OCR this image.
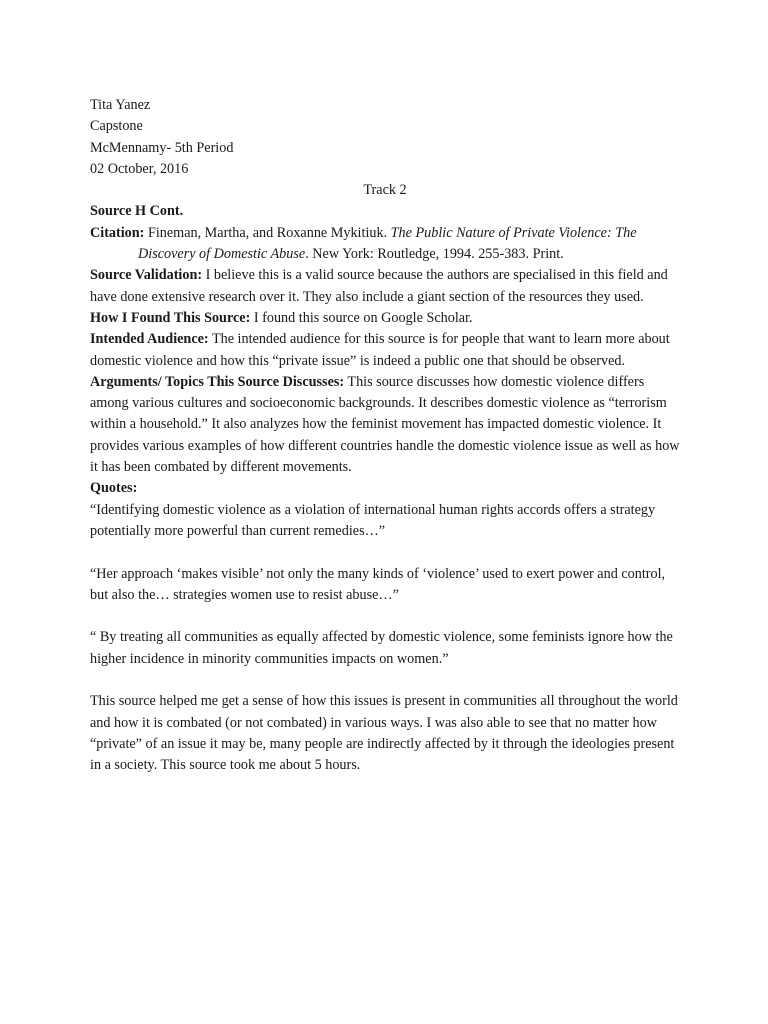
Tita Yanez
Capstone
McMennamy- 5th Period
02 October, 2016
Track 2
Source H Cont.
Citation: Fineman, Martha, and Roxanne Mykitiuk. The Public Nature of Private Violence: The Discovery of Domestic Abuse. New York: Routledge, 1994. 255-383. Print.
Source Validation: I believe this is a valid source because the authors are specialised in this field and have done extensive research over it. They also include a giant section of the resources they used.
How I Found This Source: I found this source on Google Scholar.
Intended Audience: The intended audience for this source is for people that want to learn more about domestic violence and how this “private issue” is indeed a public one that should be observed.
Arguments/ Topics This Source Discusses: This source discusses how domestic violence differs among various cultures and socioeconomic backgrounds. It describes domestic violence as “terrorism within a household.” It also analyzes how the feminist movement has impacted domestic violence. It provides various examples of how different countries handle the domestic violence issue as well as how it has been combated by different movements.
Quotes:
“Identifying domestic violence as a violation of international human rights accords offers a strategy potentially more powerful than current remedies…”
“Her approach ‘makes visible’ not only the many kinds of ‘violence’ used to exert power and control, but also the… strategies women use to resist abuse…”
“ By treating all communities as equally affected by domestic violence, some feminists ignore how the higher incidence in minority communities impacts on women.”
This source helped me get a sense of how this issues is present in communities all throughout the world and how it is combated (or not combated) in various ways. I was also able to see that no matter how “private” of an issue it may be, many people are indirectly affected by it through the ideologies present in a society. This source took me about 5 hours.
